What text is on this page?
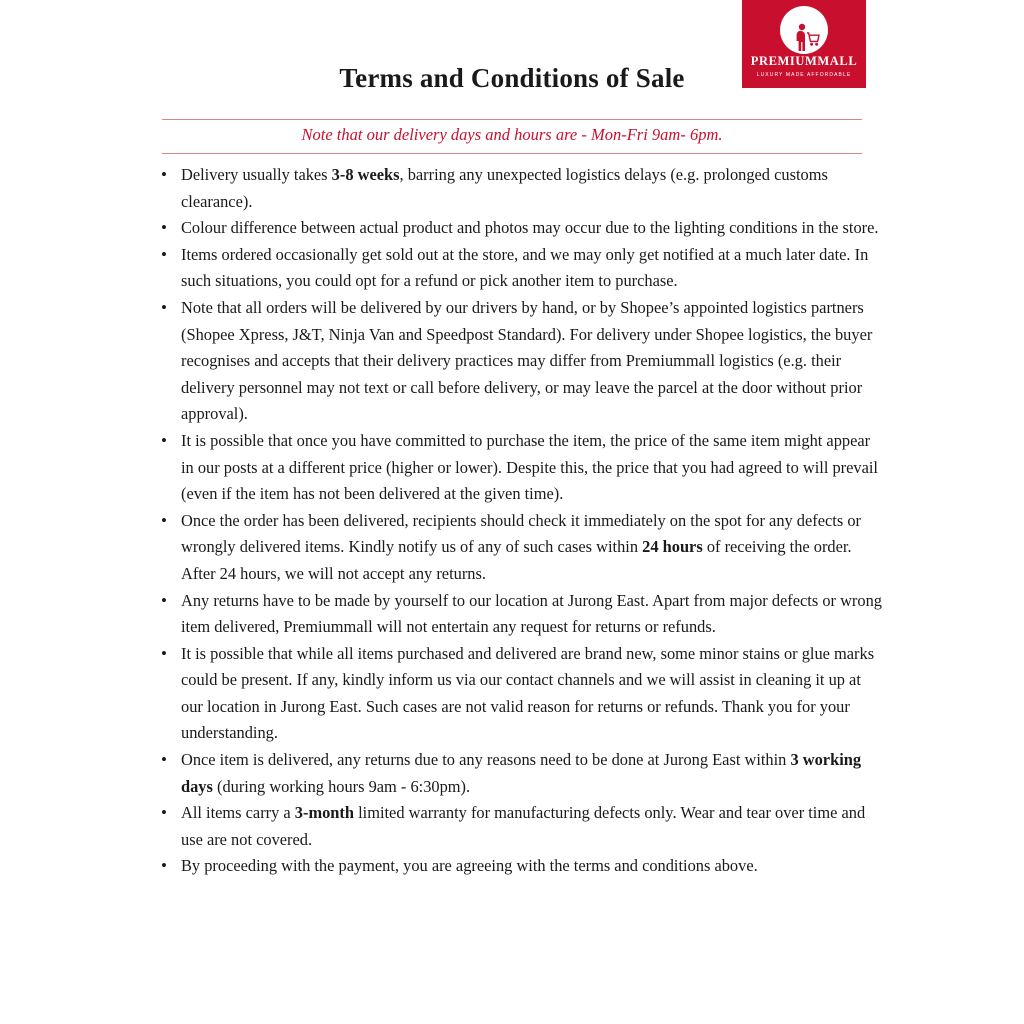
PREMIUMMALL
LUXURY MADE AFFORDABLE
Terms and Conditions of Sale
Note that our delivery days and hours are - Mon-Fri 9am- 6pm.
• Delivery usually takes 3-8 weeks, barring any unexpected logistics delays (e.g. prolonged customs clearance).
• Colour difference between actual product and photos may occur due to the lighting conditions in the store.
• Items ordered occasionally get sold out at the store, and we may only get notified at a much later date. In such situations, you could opt for a refund or pick another item to purchase.
• Note that all orders will be delivered by our drivers by hand, or by Shopee’s appointed logistics partners (Shopee Xpress, J&T, Ninja Van and Speedpost Standard). For delivery under Shopee logistics, the buyer recognises and accepts that their delivery practices may differ from Premiummall logistics (e.g. their delivery personnel may not text or call before delivery, or may leave the parcel at the door without prior approval).
• It is possible that once you have committed to purchase the item, the price of the same item might appear in our posts at a different price (higher or lower). Despite this, the price that you had agreed to will prevail (even if the item has not been delivered at the given time).
• Once the order has been delivered, recipients should check it immediately on the spot for any defects or wrongly delivered items. Kindly notify us of any of such cases within 24 hours of receiving the order. After 24 hours, we will not accept any returns.
• Any returns have to be made by yourself to our location at Jurong East. Apart from major defects or wrong item delivered, Premiummall will not entertain any request for returns or refunds.
• It is possible that while all items purchased and delivered are brand new, some minor stains or glue marks could be present. If any, kindly inform us via our contact channels and we will assist in cleaning it up at our location in Jurong East. Such cases are not valid reason for returns or refunds. Thank you for your understanding.
• Once item is delivered, any returns due to any reasons need to be done at Jurong East within 3 working days (during working hours 9am - 6:30pm).
• All items carry a 3-month limited warranty for manufacturing defects only. Wear and tear over time and use are not covered.
• By proceeding with the payment, you are agreeing with the terms and conditions above.
